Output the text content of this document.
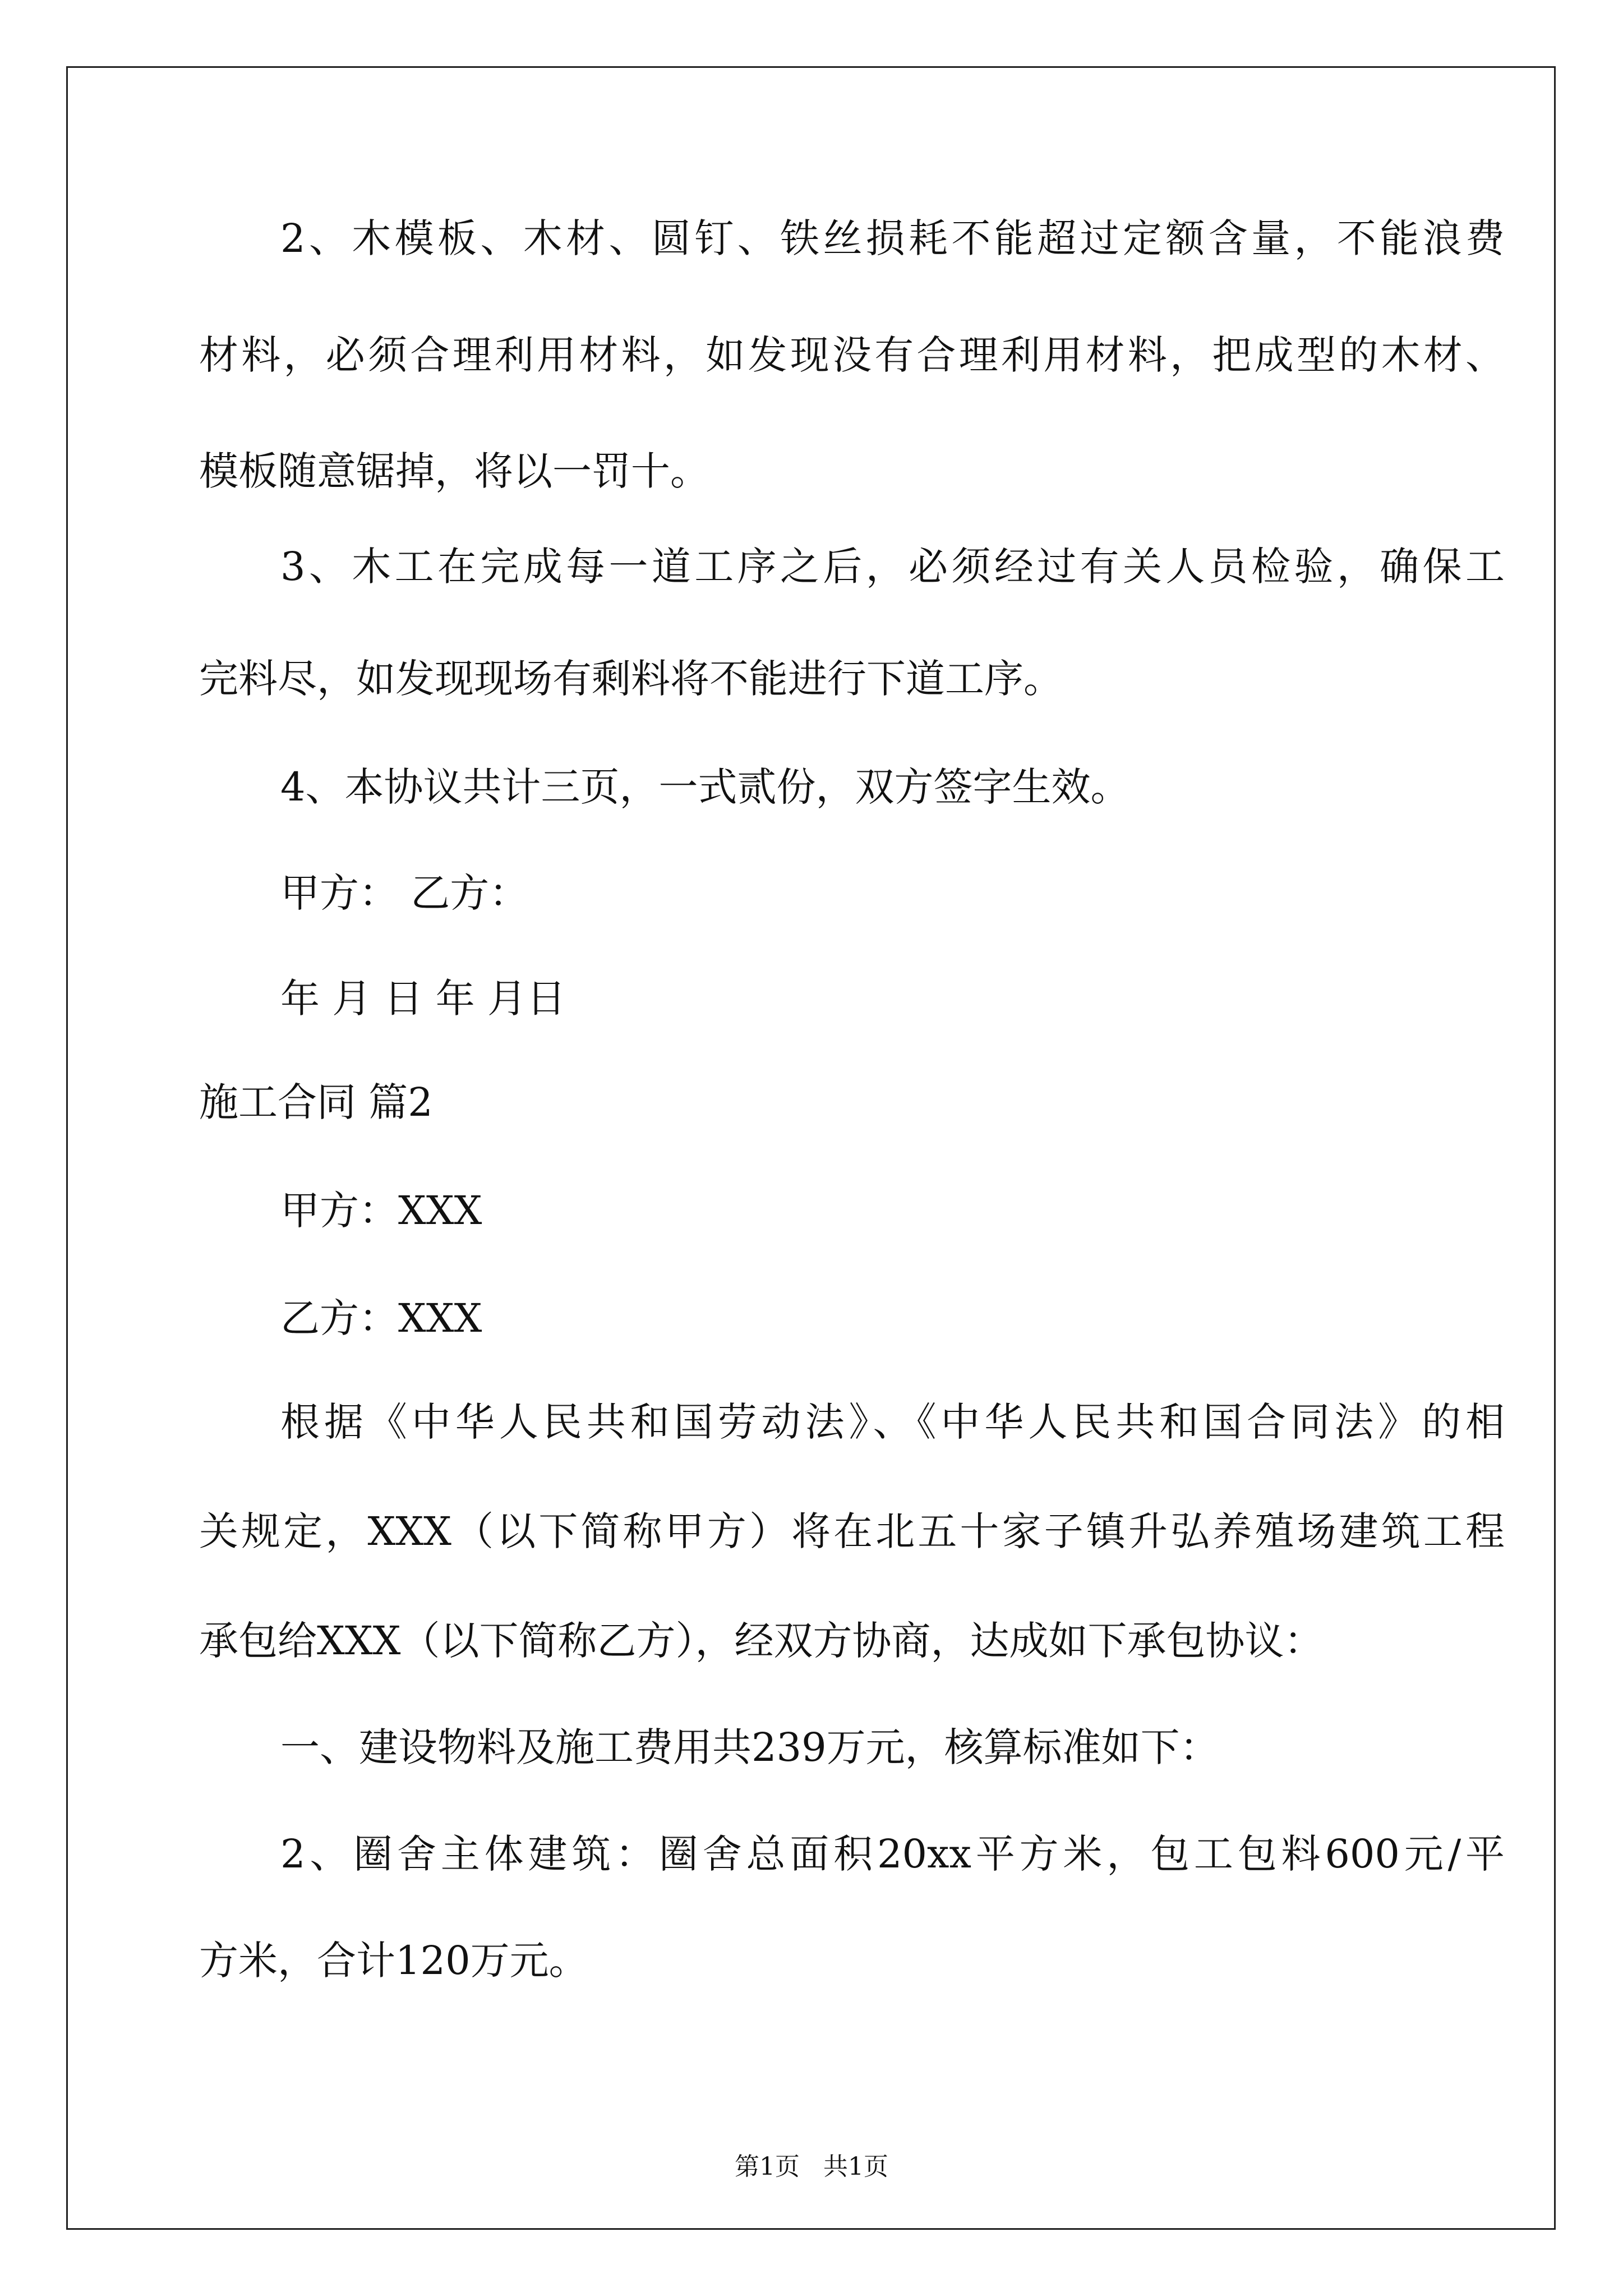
2、木模板、木材、圆钉、铁丝损耗不能超过定额含量，不能浪费

材料，必须合理利用材料，如发现没有合理利用材料，把成型的木材、

模板随意锯掉，将以一罚十。

3、木工在完成每一道工序之后，必须经过有关人员检验，确保工

完料尽，如发现现场有剩料将不能进行下道工序。

4、本协议共计三页，一式贰份，双方签字生效。

甲方： 乙方：

年 月 日 年 月日

施工合同 篇2

甲方：XXX

乙方：XXX

根据《中华人民共和国劳动法》、《中华人民共和国合同法》的相

关规定，XXX（以下简称甲方）将在北五十家子镇升弘养殖场建筑工程

承包给XXX（以下简称乙方），经双方协商，达成如下承包协议：

一、建设物料及施工费用共239万元，核算标准如下：

2、圈舍主体建筑：圈舍总面积20xx平方米，包工包料600元/平

方米，合计120万元。

第1页   共1页
